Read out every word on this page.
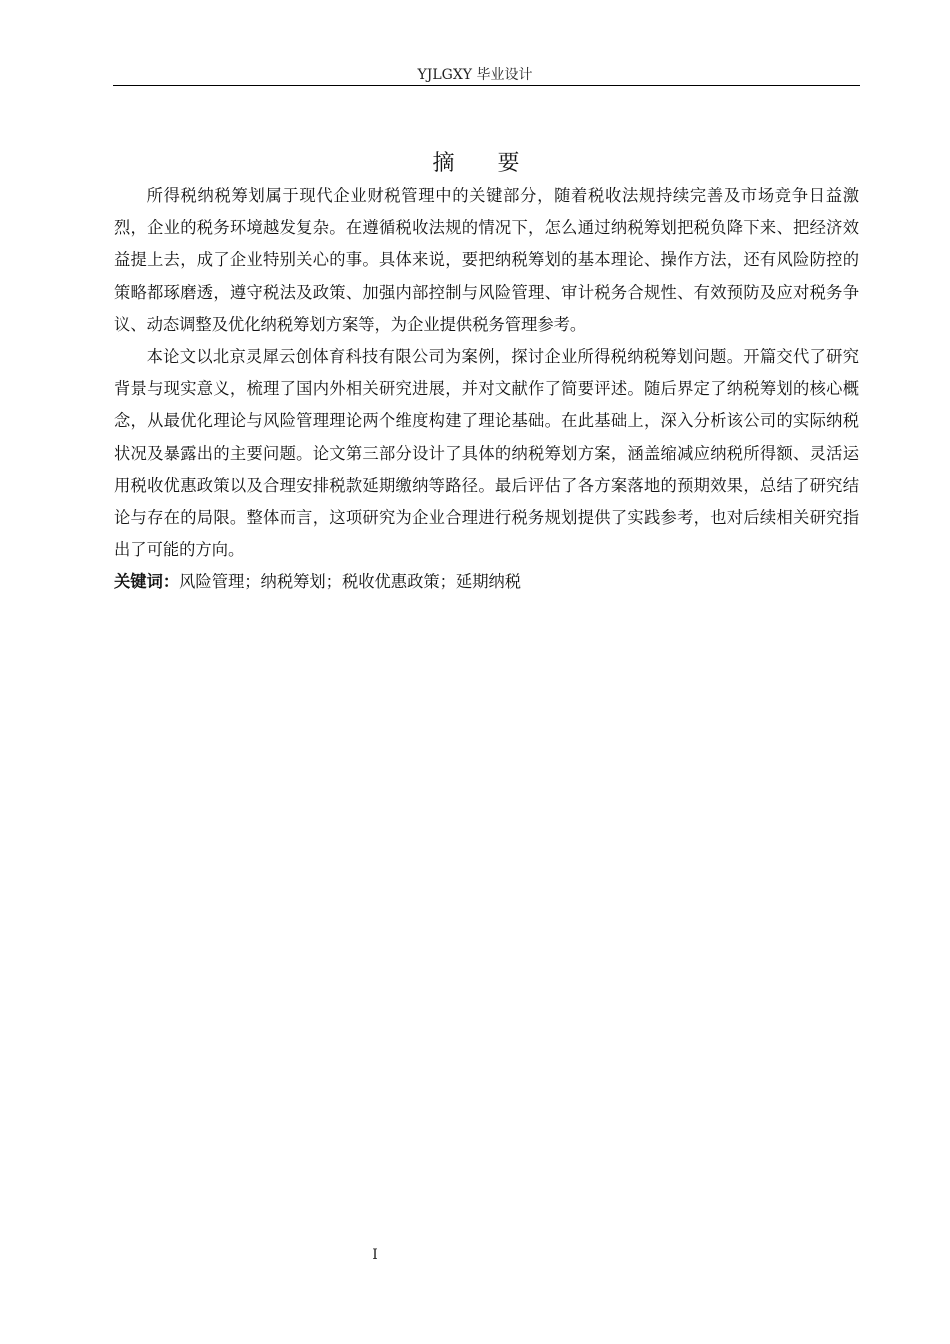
YJLGXY 毕业设计
摘 要

所得税纳税筹划属于现代企业财税管理中的关键部分，随着税收法规持续完善及市场竞争日益激烈，企业的税务环境越发复杂。在遵循税收法规的情况下，怎么通过纳税筹划把税负降下来、把经济效益提上去，成了企业特别关心的事。具体来说，要把纳税筹划的基本理论、操作方法，还有风险防控的策略都琢磨透，遵守税法及政策、加强内部控制与风险管理、审计税务合规性、有效预防及应对税务争议、动态调整及优化纳税筹划方案等，为企业提供税务管理参考。

本论文以北京灵犀云创体育科技有限公司为案例，探讨企业所得税纳税筹划问题。开篇交代了研究背景与现实意义，梳理了国内外相关研究进展，并对文献作了简要评述。随后界定了纳税筹划的核心概念，从最优化理论与风险管理理论两个维度构建了理论基础。在此基础上，深入分析该公司的实际纳税状况及暴露出的主要问题。论文第三部分设计了具体的纳税筹划方案，涵盖缩减应纳税所得额、灵活运用税收优惠政策以及合理安排税款延期缴纳等路径。最后评估了各方案落地的预期效果，总结了研究结论与存在的局限。整体而言，这项研究为企业合理进行税务规划提供了实践参考，也对后续相关研究指出了可能的方向。

关键词：风险管理；纳税筹划；税收优惠政策；延期纳税

I
